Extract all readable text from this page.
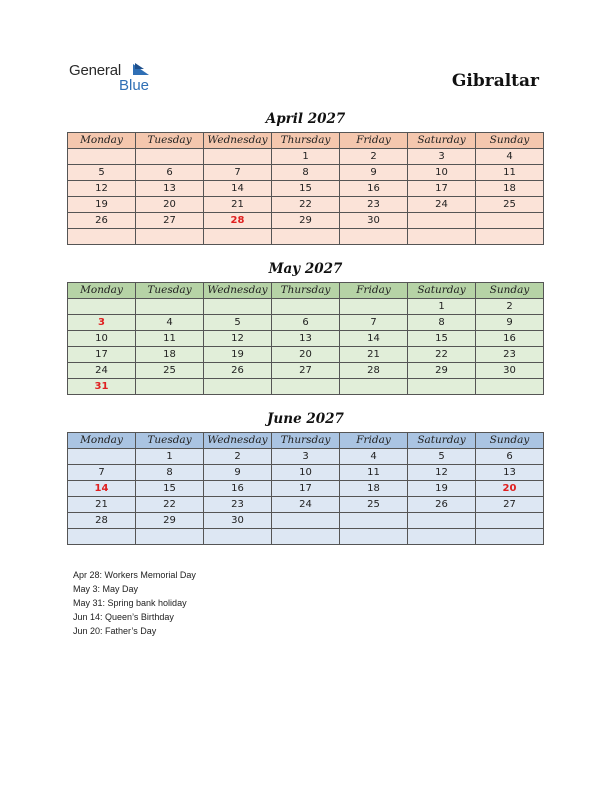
General
Blue	Gibraltar
April 2027
Monday	Tuesday	Wednesday	Thursday	Friday	Saturday	Sunday
			1	2	3	4
5	6	7	8	9	10	11
12	13	14	15	16	17	18
19	20	21	22	23	24	25
26	27	28	29	30		

May 2027
Monday	Tuesday	Wednesday	Thursday	Friday	Saturday	Sunday
					1	2
3	4	5	6	7	8	9
10	11	12	13	14	15	16
17	18	19	20	21	22	23
24	25	26	27	28	29	30
31						
June 2027
Monday	Tuesday	Wednesday	Thursday	Friday	Saturday	Sunday
	1	2	3	4	5	6
7	8	9	10	11	12	13
14	15	16	17	18	19	20
21	22	23	24	25	26	27
28	29	30				

Apr 28: Workers Memorial Day
May 3: May Day
May 31: Spring bank holiday
Jun 14: Queen’s Birthday
Jun 20: Father’s Day
